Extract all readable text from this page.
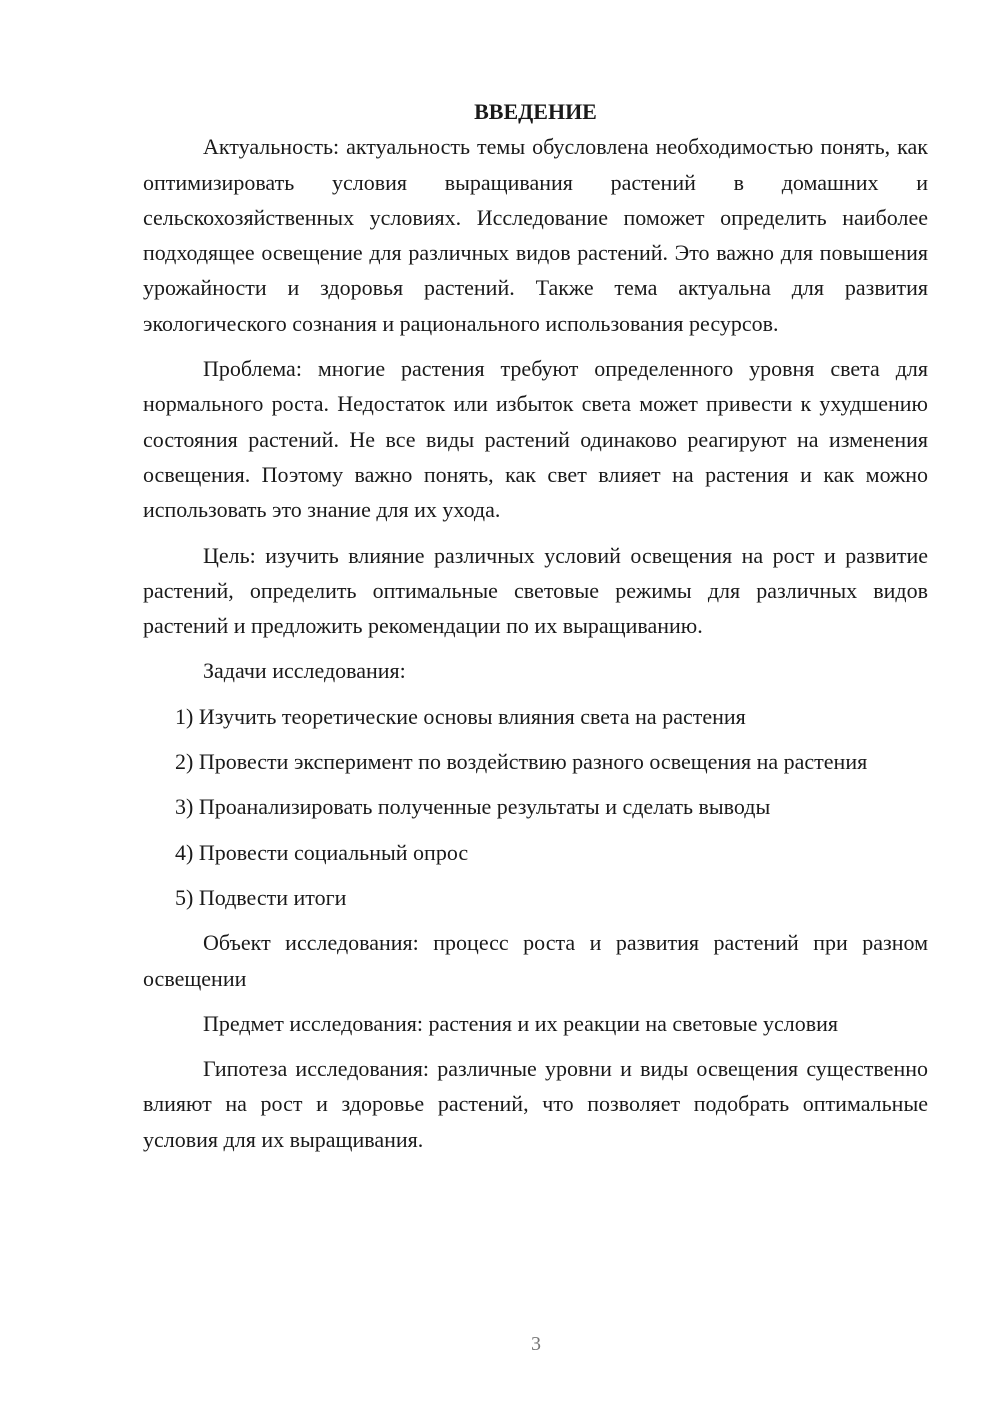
ВВЕДЕНИЕ

Актуальность: актуальность темы обусловлена необходимостью понять, как оптимизировать условия выращивания растений в домашних и сельскохозяйственных условиях. Исследование поможет определить наиболее подходящее освещение для различных видов растений. Это важно для повышения урожайности и здоровья растений. Также тема актуальна для развития экологического сознания и рационального использования ресурсов.

Проблема: многие растения требуют определенного уровня света для нормального роста. Недостаток или избыток света может привести к ухудшению состояния растений. Не все виды растений одинаково реагируют на изменения освещения. Поэтому важно понять, как свет влияет на растения и как можно использовать это знание для их ухода.

Цель: изучить влияние различных условий освещения на рост и развитие растений, определить оптимальные световые режимы для различных видов растений и предложить рекомендации по их выращиванию.

Задачи исследования:

1) Изучить теоретические основы влияния света на растения

2) Провести эксперимент по воздействию разного освещения на растения

3) Проанализировать полученные результаты и сделать выводы

4) Провести социальный опрос

5) Подвести итоги

Объект исследования: процесс роста и развития растений при разном освещении

Предмет исследования: растения и их реакции на световые условия

Гипотеза исследования: различные уровни и виды освещения существенно влияют на рост и здоровье растений, что позволяет подобрать оптимальные условия для их выращивания.

3
